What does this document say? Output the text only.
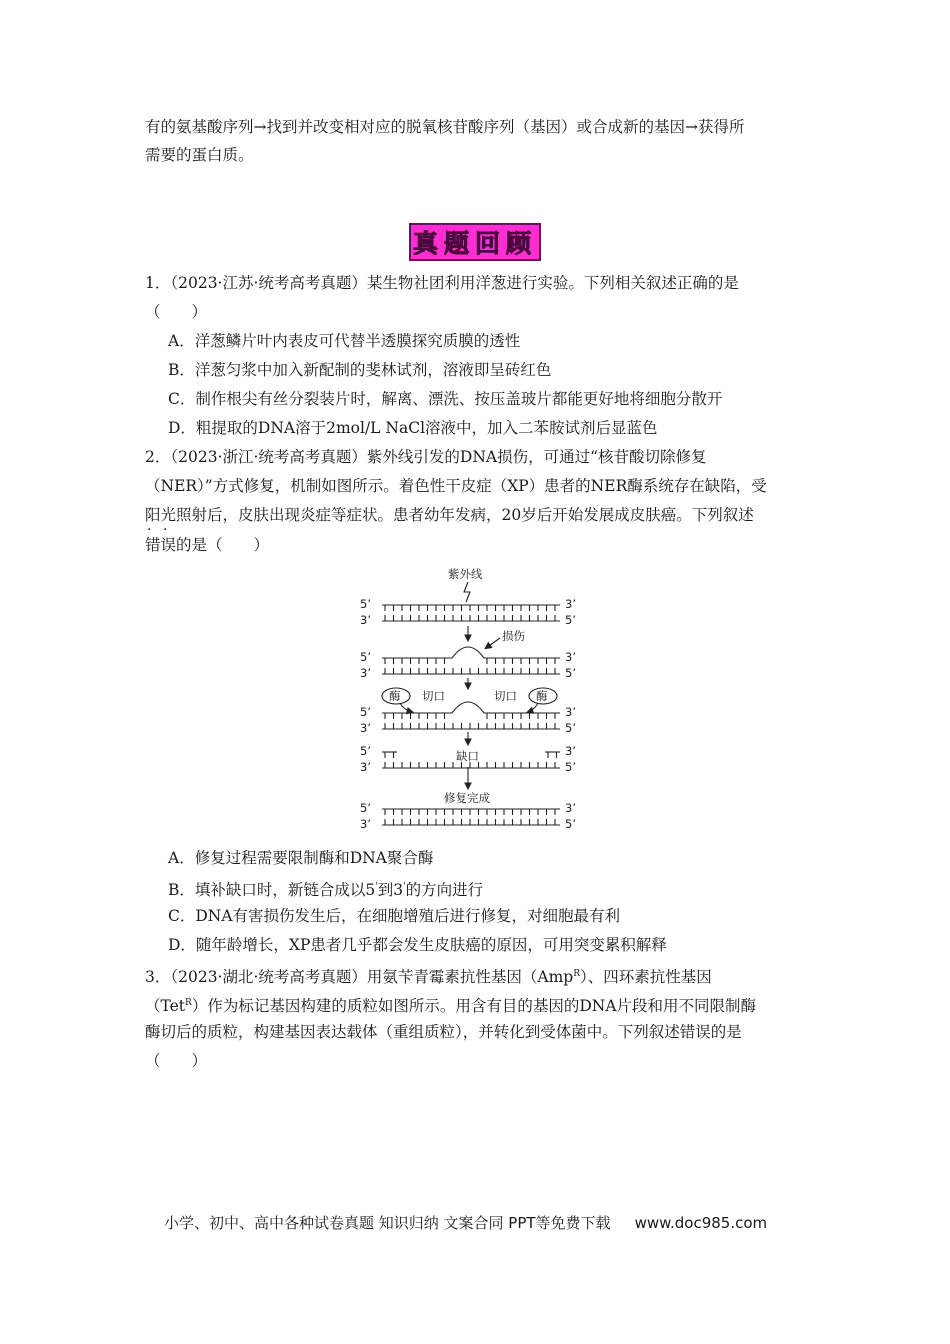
有的氨基酸序列→找到并改变相对应的脱氧核苷酸序列（基因）或合成新的基因→获得所
需要的蛋白质。
真题回顾
1．（2023·江苏·统考高考真题）某生物社团利用洋葱进行实验。下列相关叙述正确的是
（　　）
A．洋葱鳞片叶内表皮可代替半透膜探究质膜的透性
B．洋葱匀浆中加入新配制的斐林试剂，溶液即呈砖红色
C．制作根尖有丝分裂装片时，解离、漂洗、按压盖玻片都能更好地将细胞分散开
D．粗提取的DNA溶于2mol/L NaCl溶液中，加入二苯胺试剂后显蓝色
2．（2023·浙江·统考高考真题）紫外线引发的DNA损伤，可通过“核苷酸切除修复
（NER）”方式修复，机制如图所示。着色性干皮症（XP）患者的NER酶系统存在缺陷，受
阳光照射后，皮肤出现炎症等症状。患者幼年发病，20岁后开始发展成皮肤癌。下列叙述
· ·
错误的是（　　）
紫外线
5’
3’
3’
5’
5’
3’
3’
5’
损伤
酶 切口	酶
切口
5’
3’
3’
5’
5’
3’
3’
5’
缺口
修复完成
5’
3’
3’
5’
A．修复过程需要限制酶和DNA聚合酶
B．填补缺口时，新链合成以5'到3'的方向进行
C．DNA有害损伤发生后，在细胞增殖后进行修复，对细胞最有利
D．随年龄增长，XP患者几乎都会发生皮肤癌的原因，可用突变累积解释
3．（2023·湖北·统考高考真题）用氨苄青霉素抗性基因（Amp$^R$）、四环素抗性基因
（Tet$^R$）作为标记基因构建的质粒如图所示。用含有目的基因的DNA片段和用不同限制酶
酶切后的质粒，构建基因表达载体（重组质粒），并转化到受体菌中。下列叙述错误的是
（　　）
小学、初中、高中各种试卷真题 知识归纳 文案合同 PPT等免费下载 www.doc985.com
